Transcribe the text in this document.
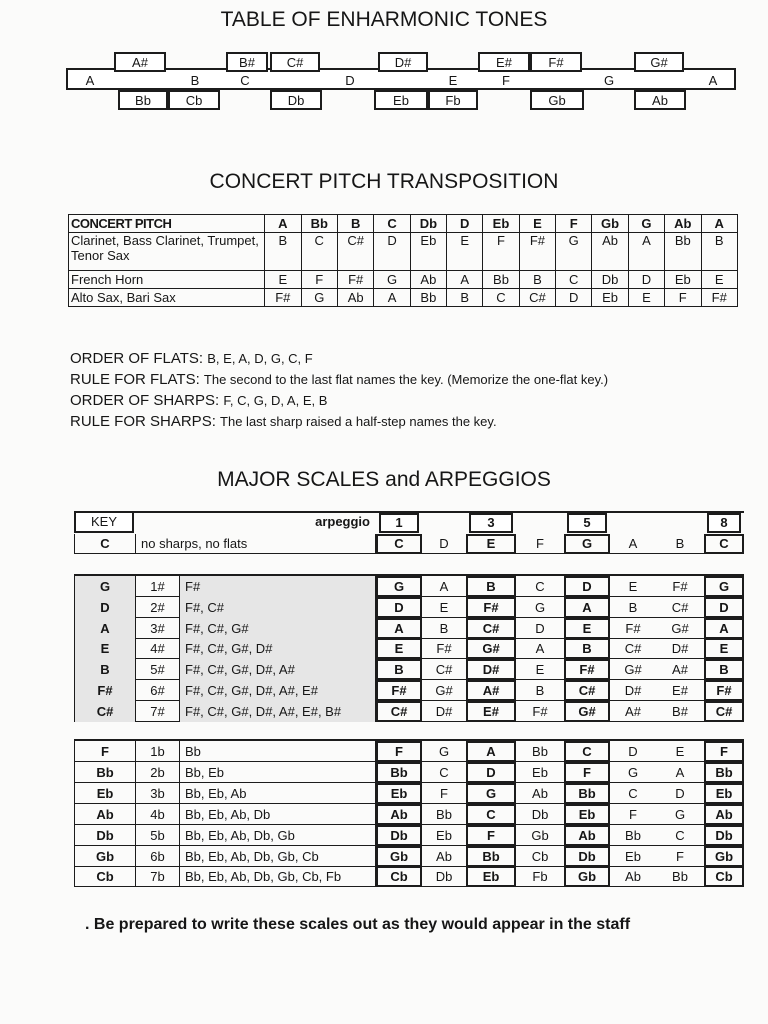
TABLE OF ENHARMONIC TONES
A#	B#	C#	D#	E#	F#	G#
Bb	Cb	Db	Eb	Fb	Gb	Ab
A	B	C	D	E	F	G	A
CONCERT PITCH TRANSPOSITION
CONCERT PITCH	A	Bb	B	C	Db	D	Eb	E	F	Gb	G	Ab	A
Clarinet, Bass Clarinet, Trumpet, Tenor Sax	B	C	C#	D	Eb	E	F	F#	G	Ab	A	Bb	B
French Horn	E	F	F#	G	Ab	A	Bb	B	C	Db	D	Eb	E
Alto Sax, Bari Sax	F#	G	Ab	A	Bb	B	C	C#	D	Eb	E	F	F#
ORDER OF FLATS: B, E, A, D, G, C, F
RULE FOR FLATS: The second to the last flat names the key. (Memorize the one-flat key.)
ORDER OF SHARPS: F, C, G, D, A, E, B
RULE FOR SHARPS: The last sharp raised a half-step names the key.
MAJOR SCALES and ARPEGGIOS
KEY	arpeggio	1	3	5	8
C	no sharps, no flats	C	D	E	F	G	A	B	C
G	1#	F#	G	A	B	C	D	E	F#	G
D	2#	F#, C#	D	E	F#	G	A	B	C#	D
A	3#	F#, C#, G#	A	B	C#	D	E	F#	G#	A
E	4#	F#, C#, G#, D#	E	F#	G#	A	B	C#	D#	E
B	5#	F#, C#, G#, D#, A#	B	C#	D#	E	F#	G#	A#	B
F#	6#	F#, C#, G#, D#, A#, E#	F#	G#	A#	B	C#	D#	E#	F#
C#	7#	F#, C#, G#, D#, A#, E#, B#	C#	D#	E#	F#	G#	A#	B#	C#
F	1b	Bb	F	G	A	Bb	C	D	E	F
Bb	2b	Bb, Eb	Bb	C	D	Eb	F	G	A	Bb
Eb	3b	Bb, Eb, Ab	Eb	F	G	Ab	Bb	C	D	Eb
Ab	4b	Bb, Eb, Ab, Db	Ab	Bb	C	Db	Eb	F	G	Ab
Db	5b	Bb, Eb, Ab, Db, Gb	Db	Eb	F	Gb	Ab	Bb	C	Db
Gb	6b	Bb, Eb, Ab, Db, Gb, Cb	Gb	Ab	Bb	Cb	Db	Eb	F	Gb
Cb	7b	Bb, Eb, Ab, Db, Gb, Cb, Fb	Cb	Db	Eb	Fb	Gb	Ab	Bb	Cb
. Be prepared to write these scales out as they would appear in the staff
